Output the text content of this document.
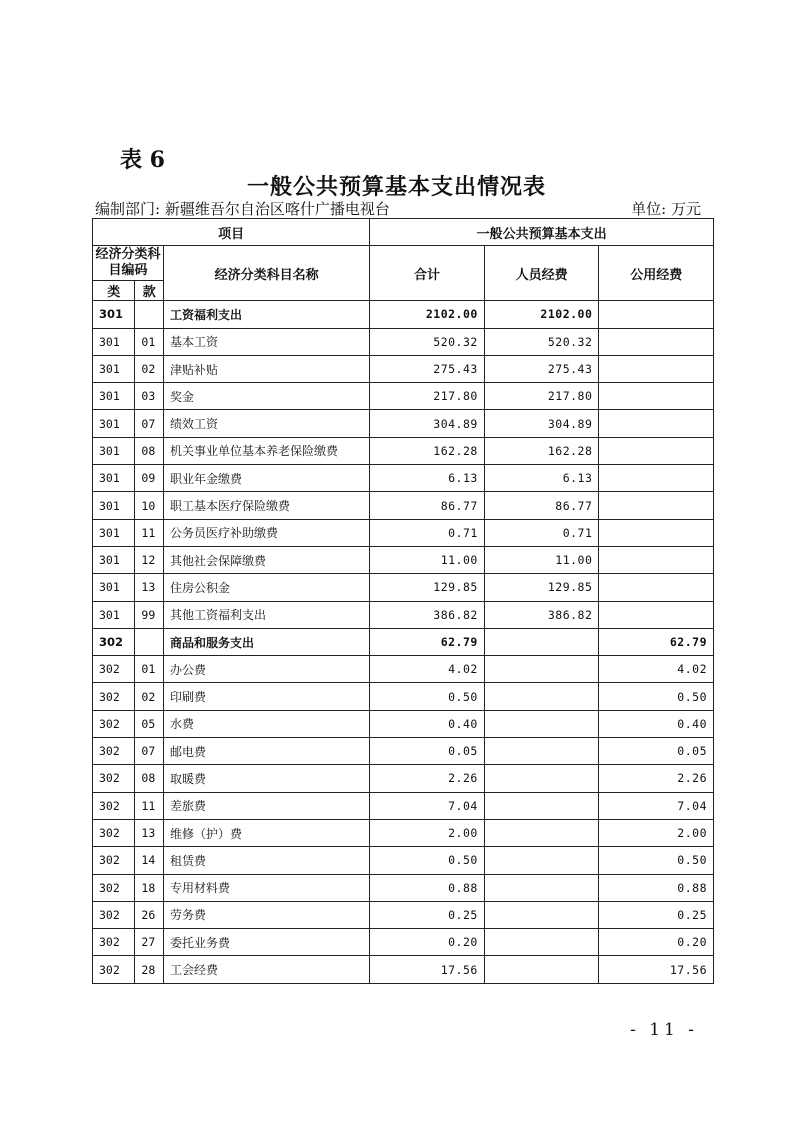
表 6
一般公共预算基本支出情况表
编制部门: 新疆维吾尔自治区喀什广播电视台	单位: 万元
项目			一般公共预算基本支出		
经济分类科目编码		经济分类科目名称	合计	人员经费	公用经费
类	款				
301		工资福利支出	2102.00	2102.00	
301	01	基本工资	520.32	520.32	
301	02	津贴补贴	275.43	275.43	
301	03	奖金	217.80	217.80	
301	07	绩效工资	304.89	304.89	
301	08	机关事业单位基本养老保险缴费	162.28	162.28	
301	09	职业年金缴费	6.13	6.13	
301	10	职工基本医疗保险缴费	86.77	86.77	
301	11	公务员医疗补助缴费	0.71	0.71	
301	12	其他社会保障缴费	11.00	11.00	
301	13	住房公积金	129.85	129.85	
301	99	其他工资福利支出	386.82	386.82	
302		商品和服务支出	62.79		62.79
302	01	办公费	4.02		4.02
302	02	印刷费	0.50		0.50
302	05	水费	0.40		0.40
302	07	邮电费	0.05		0.05
302	08	取暖费	2.26		2.26
302	11	差旅费	7.04		7.04
302	13	维修（护）费	2.00		2.00
302	14	租赁费	0.50		0.50
302	18	专用材料费	0.88		0.88
302	26	劳务费	0.25		0.25
302	27	委托业务费	0.20		0.20
302	28	工会经费	17.56		17.56
- 11 -
